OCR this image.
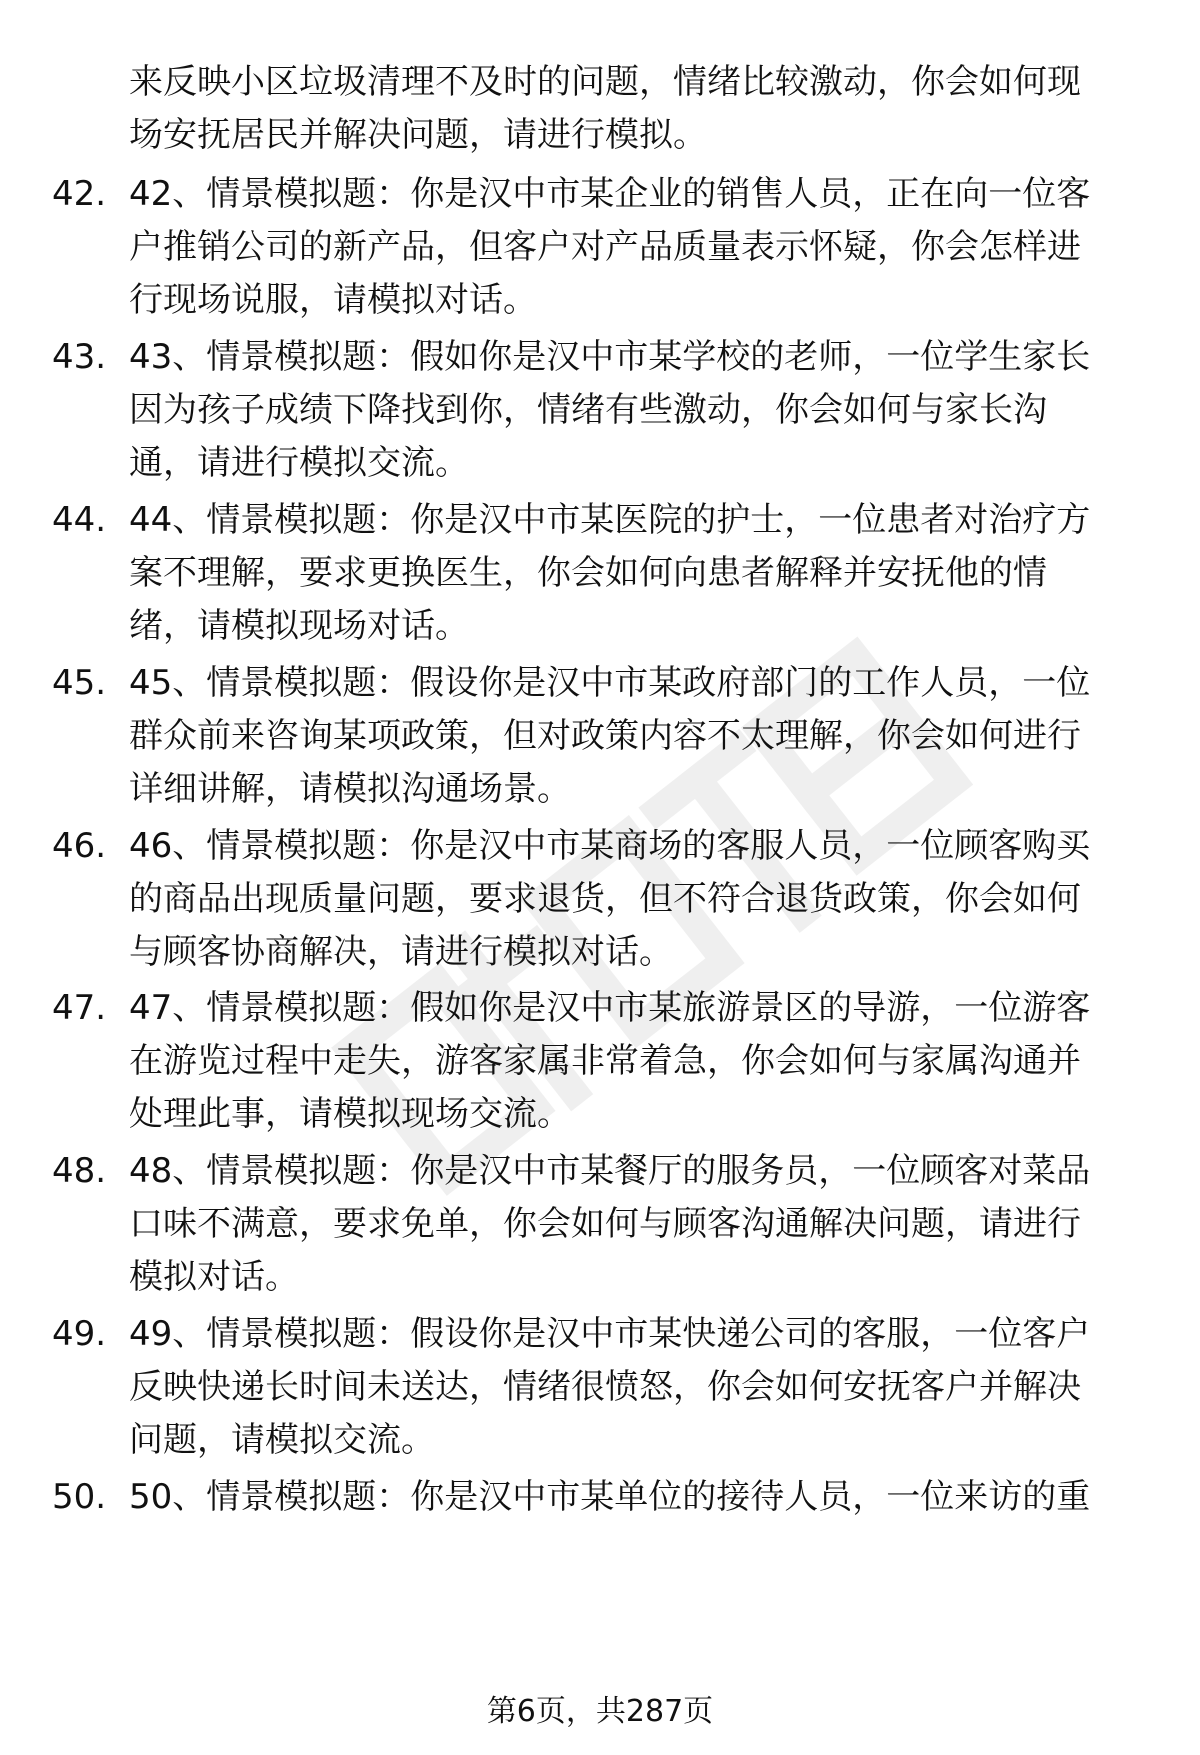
来反映小区垃圾清理不及时的问题，情绪比较激动，你会如何现
场安抚居民并解决问题，请进行模拟。
42. 42、情景模拟题：你是汉中市某企业的销售人员，正在向一位客
户推销公司的新产品，但客户对产品质量表示怀疑，你会怎样进
行现场说服，请模拟对话。
43. 43、情景模拟题：假如你是汉中市某学校的老师，一位学生家长
因为孩子成绩下降找到你，情绪有些激动，你会如何与家长沟
通，请进行模拟交流。
44. 44、情景模拟题：你是汉中市某医院的护士，一位患者对治疗方
案不理解，要求更换医生，你会如何向患者解释并安抚他的情
绪，请模拟现场对话。
45. 45、情景模拟题：假设你是汉中市某政府部门的工作人员，一位
群众前来咨询某项政策，但对政策内容不太理解，你会如何进行
详细讲解，请模拟沟通场景。
46. 46、情景模拟题：你是汉中市某商场的客服人员，一位顾客购买
的商品出现质量问题，要求退货，但不符合退货政策，你会如何
与顾客协商解决，请进行模拟对话。
47. 47、情景模拟题：假如你是汉中市某旅游景区的导游，一位游客
在游览过程中走失，游客家属非常着急，你会如何与家属沟通并
处理此事，请模拟现场交流。
48. 48、情景模拟题：你是汉中市某餐厅的服务员，一位顾客对菜品
口味不满意，要求免单，你会如何与顾客沟通解决问题，请进行
模拟对话。
49. 49、情景模拟题：假设你是汉中市某快递公司的客服，一位客户
反映快递长时间未送达，情绪很愤怒，你会如何安抚客户并解决
问题，请模拟交流。
50. 50、情景模拟题：你是汉中市某单位的接待人员，一位来访的重
第6页，共287页
